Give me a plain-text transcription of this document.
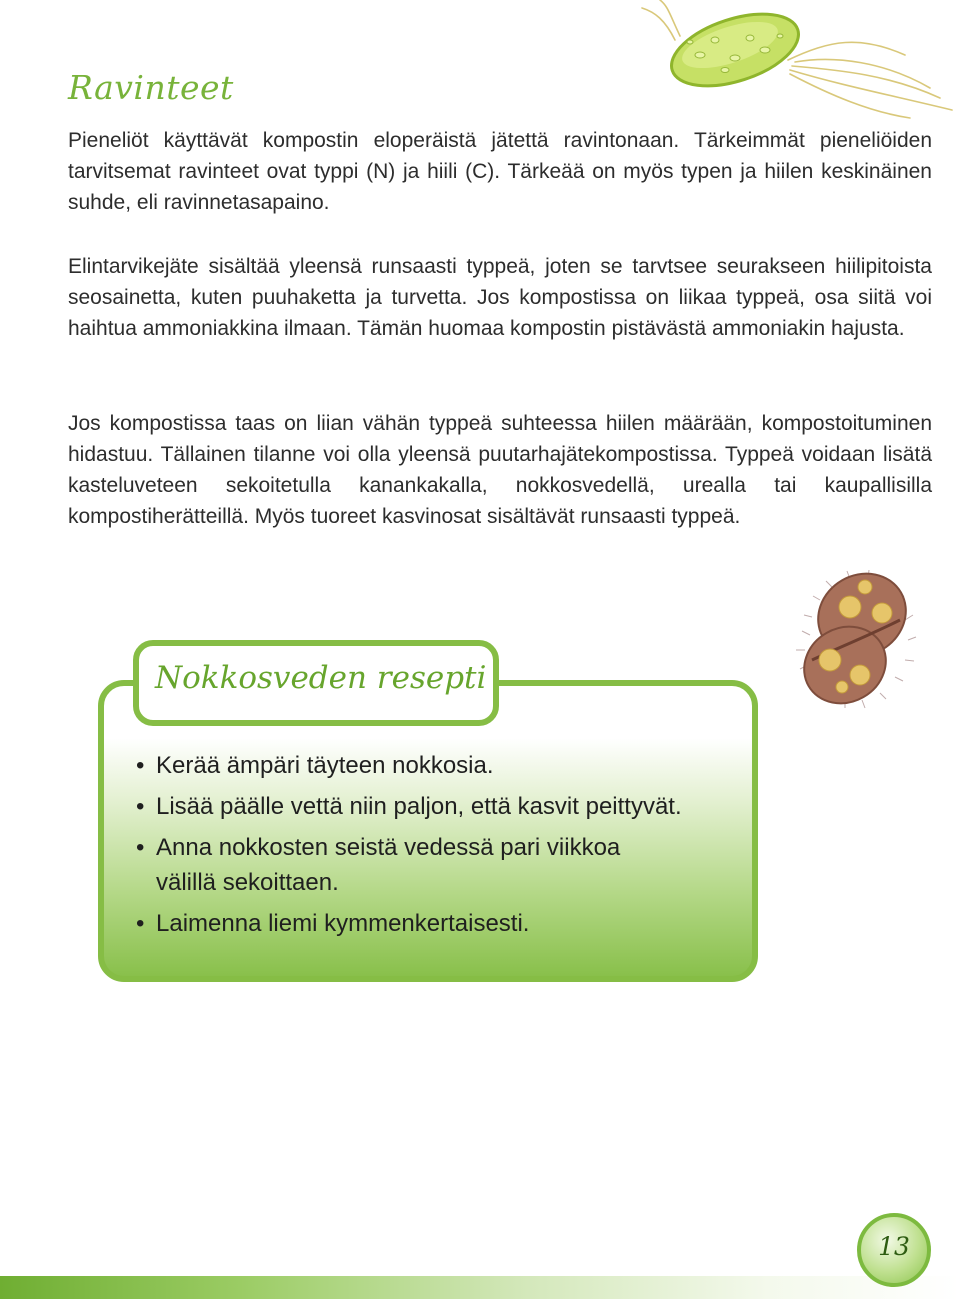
Ravinteet

Pieneliöt käyttävät kompostin eloperäistä jätettä ravintonaan. Tärkeimmät pieneliöiden tarvitsemat ravinteet ovat typpi (N) ja hiili (C). Tärkeää on myös typen ja hiilen keskinäinen suhde, eli ravinnetasapaino.

Elintarvikejäte sisältää yleensä runsaasti typpeä, joten se tarvtsee seurakseen hiilipitoista seosainetta, kuten puuhaketta ja turvetta. Jos kompostissa on liikaa typpeä, osa siitä voi haihtua ammoniakkina ilmaan. Tämän huomaa kompostin pistävästä ammoniakin hajusta.

Jos kompostissa taas on liian vähän typpeä suhteessa hiilen määrään, kompostoituminen hidastuu. Tällainen tilanne voi olla yleensä puutarhajätekompostissa. Typpeä voidaan lisätä kasteluveteen sekoitetulla kanankakalla, nokkosvedellä, urealla tai kaupallisilla kompostiherätteillä. Myös tuoreet kasvinosat sisältävät runsaasti typpeä.

Nokkosveden resepti
• Kerää ämpäri täyteen nokkosia.
• Lisää päälle vettä niin paljon, että kasvit peittyvät.
• Anna nokkosten seistä vedessä pari viikkoa välillä sekoittaen.
• Laimenna liemi kymmenkertaisesti.
13
